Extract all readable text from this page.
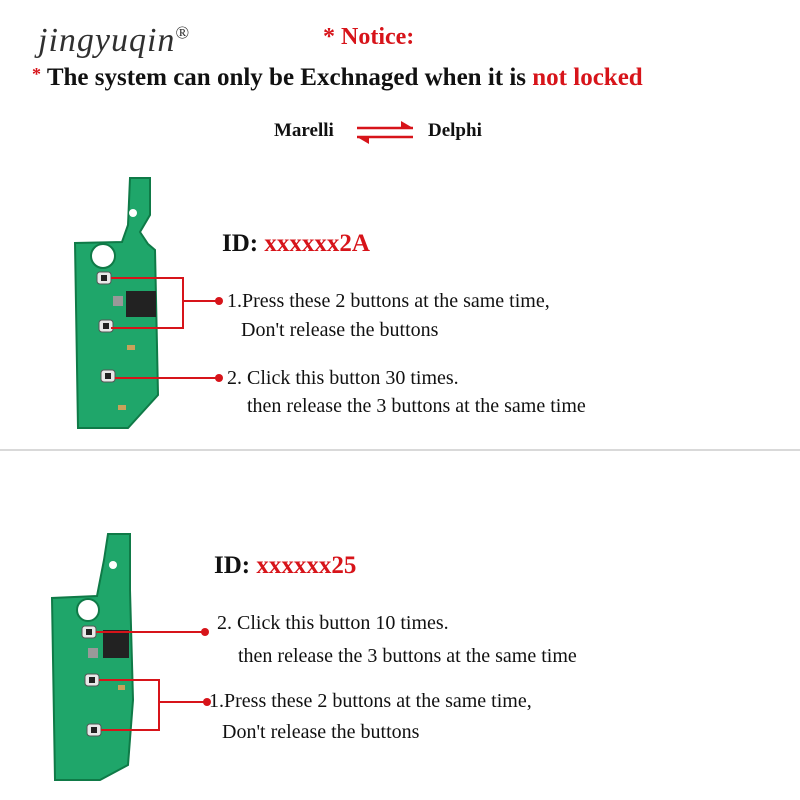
jingyuqin®	* Notice:
* The system can only be Exchnaged when it is not locked
Marelli	Delphi
ID: xxxxxx2A
1.Press these 2 buttons at the same time,
Don't release the buttons
2. Click this button 30 times.
then release the 3 buttons at the same time
ID: xxxxxx25
2. Click this button 10 times.
then release the 3 buttons at the same time
1.Press these 2 buttons at the same time,
Don't release the buttons
